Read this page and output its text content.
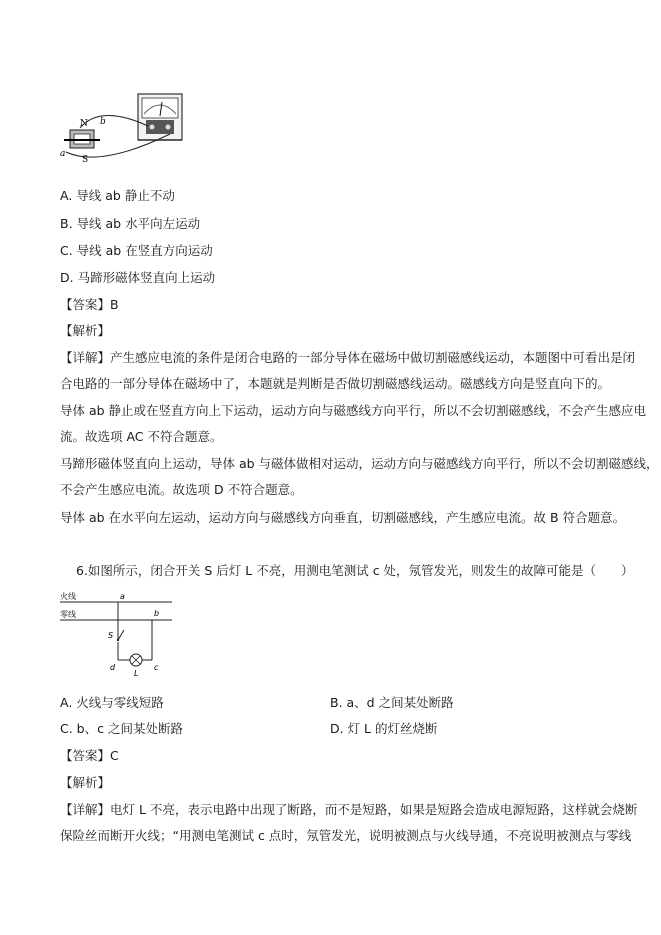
N b
a
S
A. 导线 ab 静止不动
B. 导线 ab 水平向左运动
C. 导线 ab 在竖直方向运动
D. 马蹄形磁体竖直向上运动
【答案】B
【解析】
【详解】产生感应电流的条件是闭合电路的一部分导体在磁场中做切割磁感线运动，本题图中可看出是闭
合电路的一部分导体在磁场中了，本题就是判断是否做切割磁感线运动。磁感线方向是竖直向下的。
导体 ab 静止或在竖直方向上下运动，运动方向与磁感线方向平行，所以不会切割磁感线，不会产生感应电
流。故选项 AC 不符合题意。
马蹄形磁体竖直向上运动，导体 ab 与磁体做相对运动，运动方向与磁感线方向平行，所以不会切割磁感线，
不会产生感应电流。故选项 D 不符合题意。
导体 ab 在水平向左运动，运动方向与磁感线方向垂直，切割磁感线，产生感应电流。故 B 符合题意。
6.如图所示，闭合开关 S 后灯 L 不亮，用测电笔测试 c 处，氖管发光，则发生的故障可能是（　　）
火线
零线
S
a
d	c
L
b
A. 火线与零线短路	B. a、d 之间某处断路
C. b、c 之间某处断路	D. 灯 L 的灯丝烧断
【答案】C
【解析】
【详解】电灯 L 不亮，表示电路中出现了断路，而不是短路，如果是短路会造成电源短路，这样就会烧断
保险丝而断开火线；“用测电笔测试 c 点时，氖管发光，说明被测点与火线导通，不亮说明被测点与零线
